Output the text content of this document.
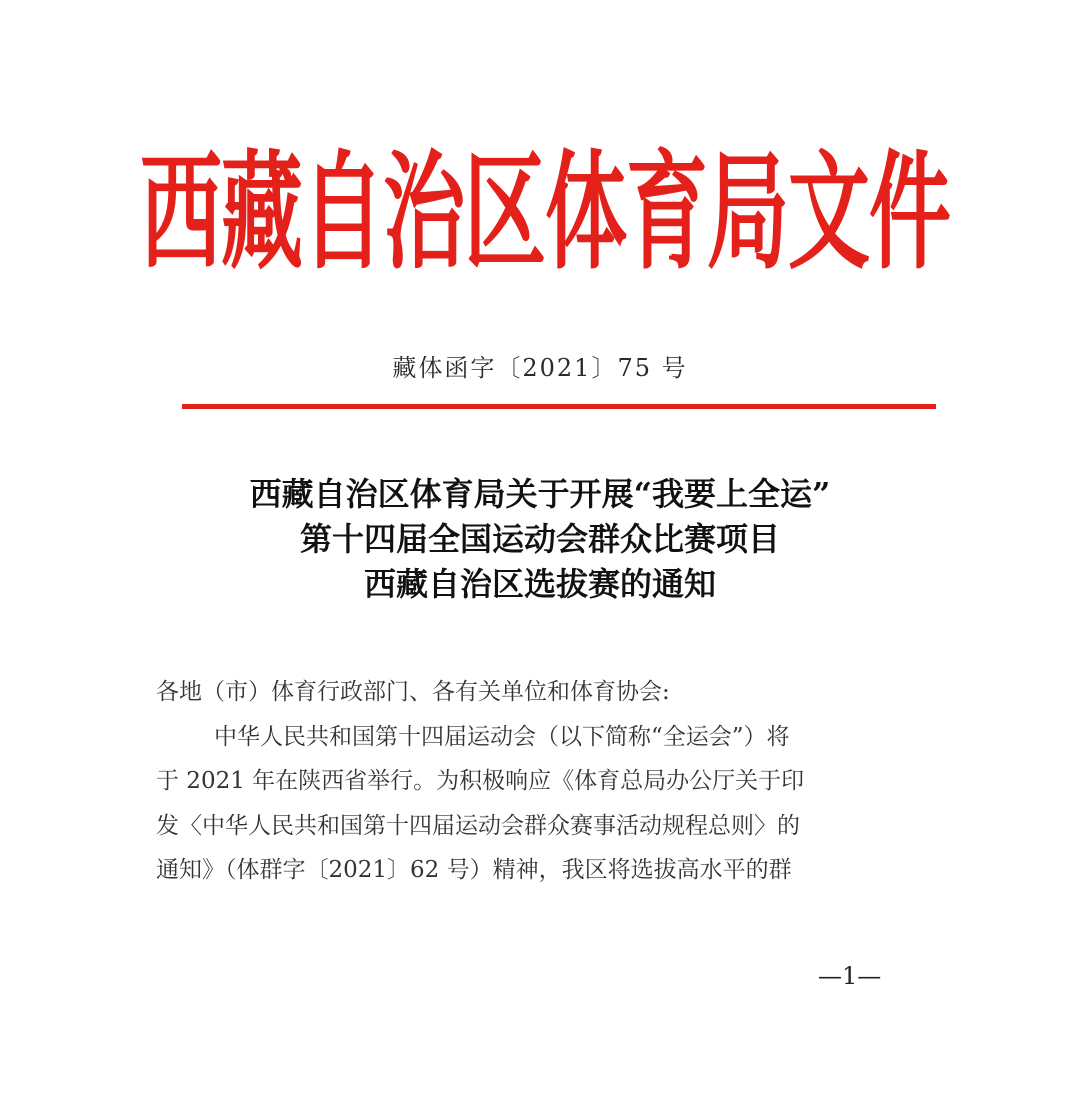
西藏自治区体育局文件
藏体函字〔2021〕75 号
西藏自治区体育局关于开展“我要上全运”
第十四届全国运动会群众比赛项目
西藏自治区选拔赛的通知
各地（市）体育行政部门、各有关单位和体育协会:
中华人民共和国第十四届运动会（以下简称“全运会”）将
于 2021 年在陕西省举行。为积极响应《体育总局办公厅关于印
发〈中华人民共和国第十四届运动会群众赛事活动规程总则〉的
通知》（体群字〔2021〕62 号）精神，我区将选拔高水平的群
—1—
